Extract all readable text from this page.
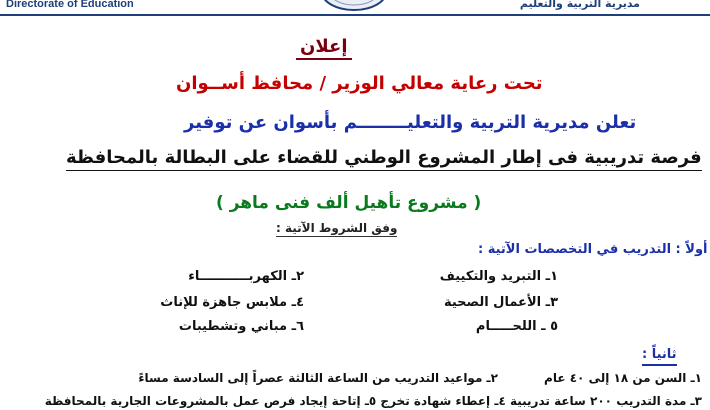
Directorate of Education	مديرية التربية والتعليم
إعلان
تحت رعاية معالي الوزير / محافظ أســوان
تعلن مديرية التربية والتعليــــــــم بأسوان عن توفير
فرصة تدريبية فى إطار المشروع الوطني للقضاء على البطالة بالمحافظة
( مشروع تأهيل ألف فنى ماهر )
وفق الشروط الآتية :
أولاً : التدريب في التخصصات الآتية :
١ـ التبريد والتكييف
٢ـ الكهربـــــــــــاء
٣ـ الأعمال الصحية
٤ـ ملابس جاهزة للإناث
٥ ـ اللحـــــام
٦ـ مباني وتشطيبات
ثانياً :
١ـ السن من ١٨ إلى ٤٠ عام
٢ـ مواعيد التدريب من الساعة الثالثة عصراً إلى السادسة مساءً
٣ـ مدة التدريب ٢٠٠ ساعة تدريبية ٤ـ إعطاء شهادة تخرج ٥ـ إتاحة إيجاد فرص عمل بالمشروعات الجارية بالمحافظة
